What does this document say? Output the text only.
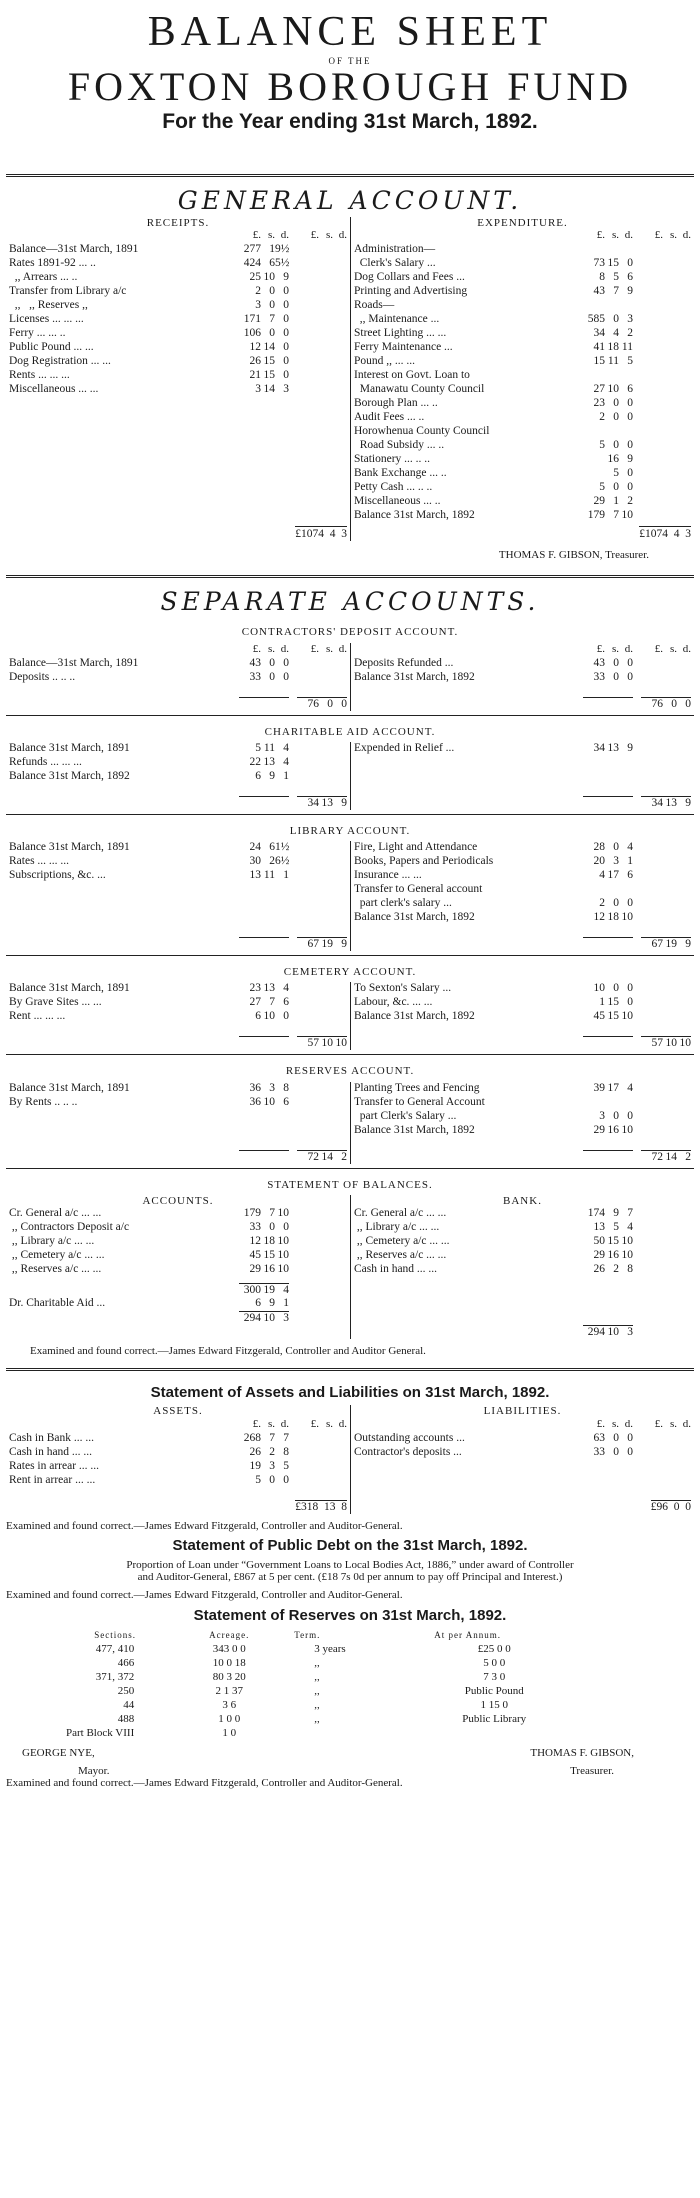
BALANCE SHEET
OF THE
FOXTON BOROUGH FUND
For the Year ending 31st March, 1892.
GENERAL ACCOUNT.
RECEIPTS.
£. s. d.	£. s. d.
Balance—31st March, 1891	277 1 9½
Rates 1891-92 ... ..	424 6 5½
,, Arrears ... ..	25 10 9
Transfer from Library a/c	2 0 0
,,   ,, Reserves ,,	3 0 0
Licenses ... ... ...	171 7 0
Ferry ... ... ..	106 0 0
Public Pound ... ...	12 14 0
Dog Registration ... ...	26 15 0
Rents ... ... ...	21 15 0
Miscellaneous ... ...	3 14 3
£1074 4 3
EXPENDITURE.
£. s. d.	£. s. d.
Administration—
Clerk's Salary ...	73 15 0
Dog Collars and Fees ...	8 5 6
Printing and Advertising	43 7 9
Roads—
,, Maintenance ...	585 0 3
Street Lighting ... ...	34 4 2
Ferry Maintenance ...	41 18 11
Pound ,, ... ...	15 11 5
Interest on Govt. Loan to
Manawatu County Council	27 10 6
Borough Plan ... ..	23 0 0
Audit Fees ... ..	2 0 0
Horowhenua County Council
Road Subsidy ... ..	5 0 0
Stationery ... .. ..	16 9
Bank Exchange ... ..	5 0
Petty Cash ... .. ..	5 0 0
Miscellaneous ... ..	29 1 2
Balance 31st March, 1892	179 7 10
£1074 4 3
THOMAS F. GIBSON, Treasurer.
SEPARATE ACCOUNTS.
CONTRACTORS' DEPOSIT ACCOUNT.
£. s. d.	£. s. d.
Balance—31st March, 1891	43 0 0
Deposits .. .. ..	33 0 0
76 0 0
£. s. d.	£. s. d.
Deposits Refunded ...	43 0 0
Balance 31st March, 1892	33 0 0
76 0 0
CHARITABLE AID ACCOUNT.
Balance 31st March, 1891	5 11 4
Refunds ... ... ...	22 13 4
Balance 31st March, 1892	6 9 1
34 13 9
Expended in Relief ...	34 13 9
34 13 9
LIBRARY ACCOUNT.
Balance 31st March, 1891	24 6 1½
Rates ... ... ...	30 2 6½
Subscriptions, &c. ...	13 11 1
67 19 9
Fire, Light and Attendance	28 0 4
Books, Papers and Periodicals	20 3 1
Insurance ... ...	4 17 6
Transfer to General account
part clerk's salary ...	2 0 0
Balance 31st March, 1892	12 18 10
67 19 9
CEMETERY ACCOUNT.
Balance 31st March, 1891	23 13 4
By Grave Sites ... ...	27 7 6
Rent ... ... ...	6 10 0
57 10 10
To Sexton's Salary ...	10 0 0
Labour, &c. ... ...	1 15 0
Balance 31st March, 1892	45 15 10
57 10 10
RESERVES ACCOUNT.
Balance 31st March, 1891	36 3 8
By Rents .. .. ..	36 10 6
72 14 2
Planting Trees and Fencing	39 17 4
Transfer to General Account
part Clerk's Salary ...	3 0 0
Balance 31st March, 1892	29 16 10
72 14 2
STATEMENT OF BALANCES.
ACCOUNTS.
Cr. General a/c ... ...	179 7 10
,, Contractors Deposit a/c	33 0 0
,, Library a/c ... ...	12 18 10
,, Cemetery a/c ... ...	45 15 10
,, Reserves a/c ... ...	29 16 10
300 19 4
Dr. Charitable Aid ...	6 9 1
294 10 3
BANK.
Cr. General a/c ... ...	174 9 7
,, Library a/c ... ...	13 5 4
,, Cemetery a/c ... ...	50 15 10
,, Reserves a/c ... ...	29 16 10
Cash in hand ... ...	26 2 8
294 10 3
Examined and found correct.—James Edward Fitzgerald, Controller and Auditor General.
Statement of Assets and Liabilities on 31st March, 1892.
ASSETS.
£. s. d.	£. s. d.
Cash in Bank ... ...	268 7 7
Cash in hand ... ...	26 2 8
Rates in arrear ... ...	19 3 5
Rent in arrear ... ...	5 0 0
£318 13 8
LIABILITIES.
£. s. d.	£. s. d.
Outstanding accounts ...	63 0 0
Contractor's deposits ...	33 0 0
£96 0 0
Examined and found correct.—James Edward Fitzgerald, Controller and Auditor-General.
Statement of Public Debt on the 31st March, 1892.
Proportion of Loan under “Government Loans to Local Bodies Act, 1886,” under award of Controller
and Auditor-General, £867 at 5 per cent. (£18 7s 0d per annum to pay off Principal and Interest.)
Examined and found correct.—James Edward Fitzgerald, Controller and Auditor-General.
Statement of Reserves on 31st March, 1892.
Sections.	Acreage.	Term.	At per Annum.
477, 410	343 0 0	3 years	£25 0 0
466	10 0 18	,,	5 0 0
371, 372	80 3 20	,,	7 3 0
250	2 1 37	,,	Public Pound
44	3 6	,,	1 15 0
488	1 0 0	,,	Public Library
Part Block VIII	1 0		
GEORGE NYE,	THOMAS F. GIBSON,
Mayor.	Treasurer.
Examined and found correct.—James Edward Fitzgerald, Controller and Auditor-General.
